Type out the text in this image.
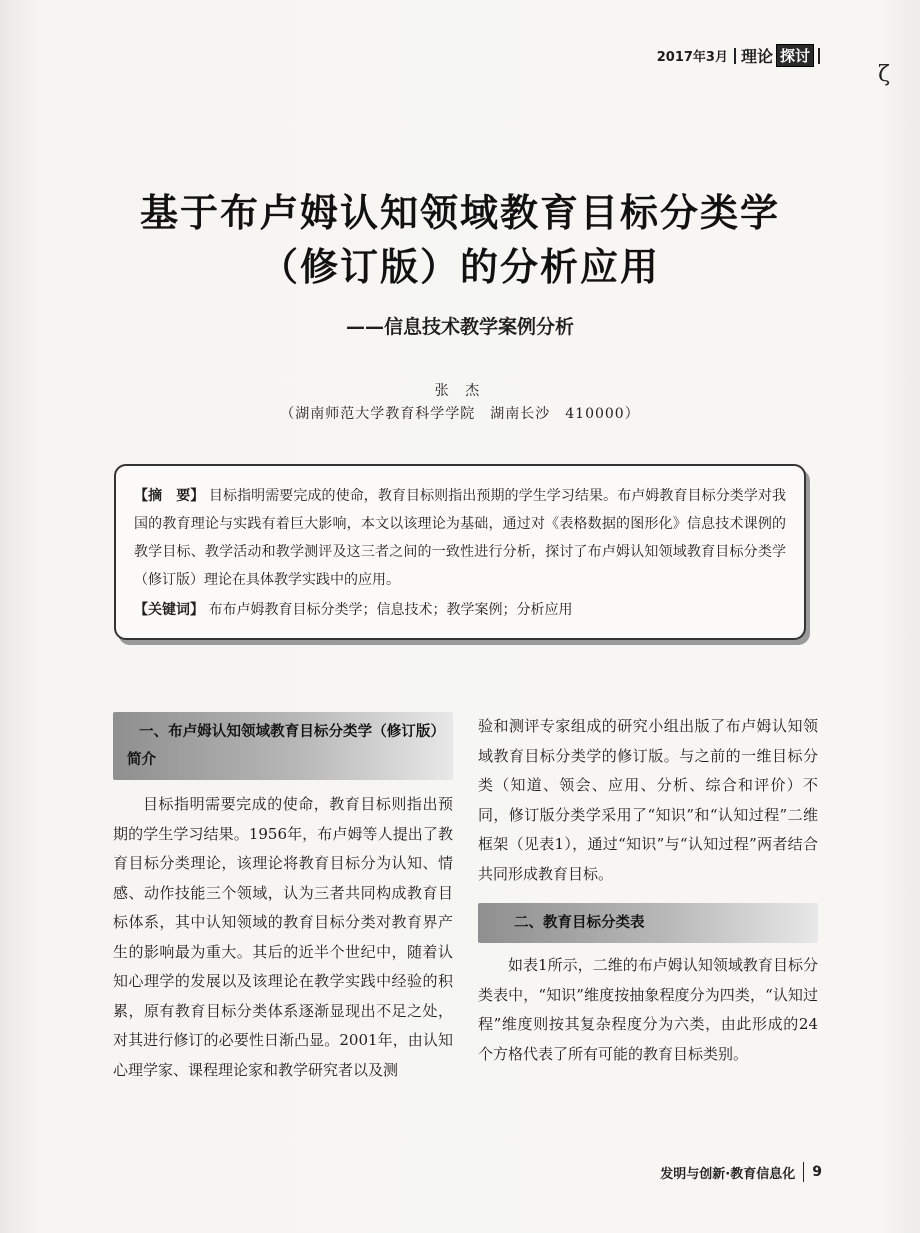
2017年3月 理论 探讨
ζ
基于布卢姆认知领域教育目标分类学
（修订版）的分析应用
——信息技术教学案例分析
张 杰
（湖南师范大学教育科学学院　湖南长沙　410000）

【摘　要】 目标指明需要完成的使命，教育目标则指出预期的学生学习结果。布卢姆教育目标分类学对我国的教育理论与实践有着巨大影响，本文以该理论为基础，通过对《表格数据的图形化》信息技术课例的教学目标、教学活动和教学测评及这三者之间的一致性进行分析，探讨了布卢姆认知领域教育目标分类学（修订版）理论在具体教学实践中的应用。

【关键词】 布布卢姆教育目标分类学；信息技术；教学案例；分析应用

一、布卢姆认知领域教育目标分类学（修订版）简介

目标指明需要完成的使命，教育目标则指出预期的学生学习结果。1956年，布卢姆等人提出了教育目标分类理论，该理论将教育目标分为认知、情感、动作技能三个领域，认为三者共同构成教育目标体系，其中认知领域的教育目标分类对教育界产生的影响最为重大。其后的近半个世纪中，随着认知心理学的发展以及该理论在教学实践中经验的积累，原有教育目标分类体系逐渐显现出不足之处，对其进行修订的必要性日渐凸显。2001年，由认知心理学家、课程理论家和教学研究者以及测

验和测评专家组成的研究小组出版了布卢姆认知领域教育目标分类学的修订版。与之前的一维目标分类（知道、领会、应用、分析、综合和评价）不同，修订版分类学采用了“知识”和“认知过程”二维框架（见表1），通过“知识”与“认知过程”两者结合共同形成教育目标。

二、教育目标分类表

如表1所示，二维的布卢姆认知领域教育目标分类表中，“知识”维度按抽象程度分为四类，“认知过程”维度则按其复杂程度分为六类，由此形成的24个方格代表了所有可能的教育目标类别。

发明与创新·教育信息化 9
